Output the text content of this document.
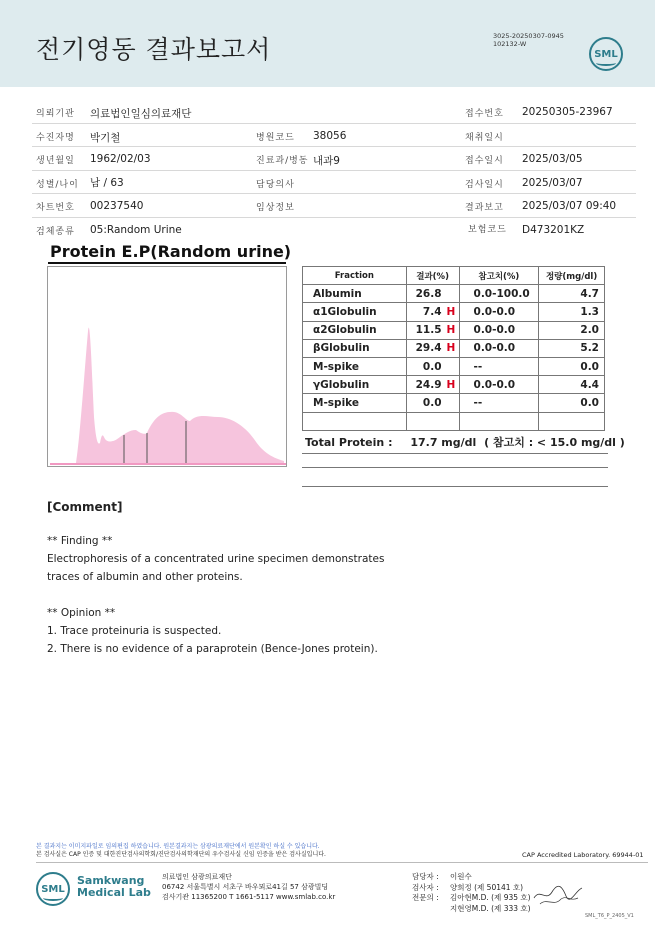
전기영동 결과보고서	3025-20250307-0945
102132-W
SML
의뢰기관 의료법인일심의료재단	접수번호 20250305-23967
수진자명 박기철	병원코드 38056	채취일시
생년월일 1962/02/03	진료과/병동 내과9	접수일시 2025/03/05
성별/나이 남 / 63	담당의사	검사일시 2025/03/07
차트번호 00237540	임상정보	결과보고 2025/03/07 09:40
검체종류 05:Random Urine	보험코드 D473201KZ
Protein E.P(Random urine)
Fraction	결과(%)	참고치(%)	정량(mg/dl)
Albumin	26.8	0.0-100.0	4.7
α1Globulin	7.4 H	0.0-0.0	1.3
α2Globulin	11.5 H	0.0-0.0	2.0
βGlobulin	29.4 H	0.0-0.0	5.2
M-spike	0.0	--	0.0
γGlobulin	24.9 H	0.0-0.0	4.4
M-spike	0.0	--	0.0

Total Protein : 17.7 mg/dl ( 참고치 : < 15.0 mg/dl )
[Comment]
** Finding **
Electrophoresis of a concentrated urine specimen demonstrates
traces of albumin and other proteins.
** Opinion **
1. Trace proteinuria is suspected.
2. There is no evidence of a paraprotein (Bence-Jones protein).
본 결과지는 이미지파일로 임의편집 하였습니다. 원본결과지는 삼광의료재단에서 원본확인 하실 수 있습니다.
본 검사실은 CAP 인증 및 대한진단검사의학회/진단검사의학재단의 우수검사실 신임 인증을 받은 검사실입니다.	CAP Accredited Laboratory. 69944-01
SML
Samkwang
Medical Lab
의료법인 삼광의료재단
06742 서울특별시 서초구 바우뫼로41길 57 삼광빌딩
검사기관 11365200 T 1661-5117 www.smlab.co.kr
담당자 : 이원수
검사자 : 양희정 (제 50141 호)
전문의 : 김아현M.D. (제 935 호)
지현영M.D. (제 333 호)
SML_T6_P_2405_V1
